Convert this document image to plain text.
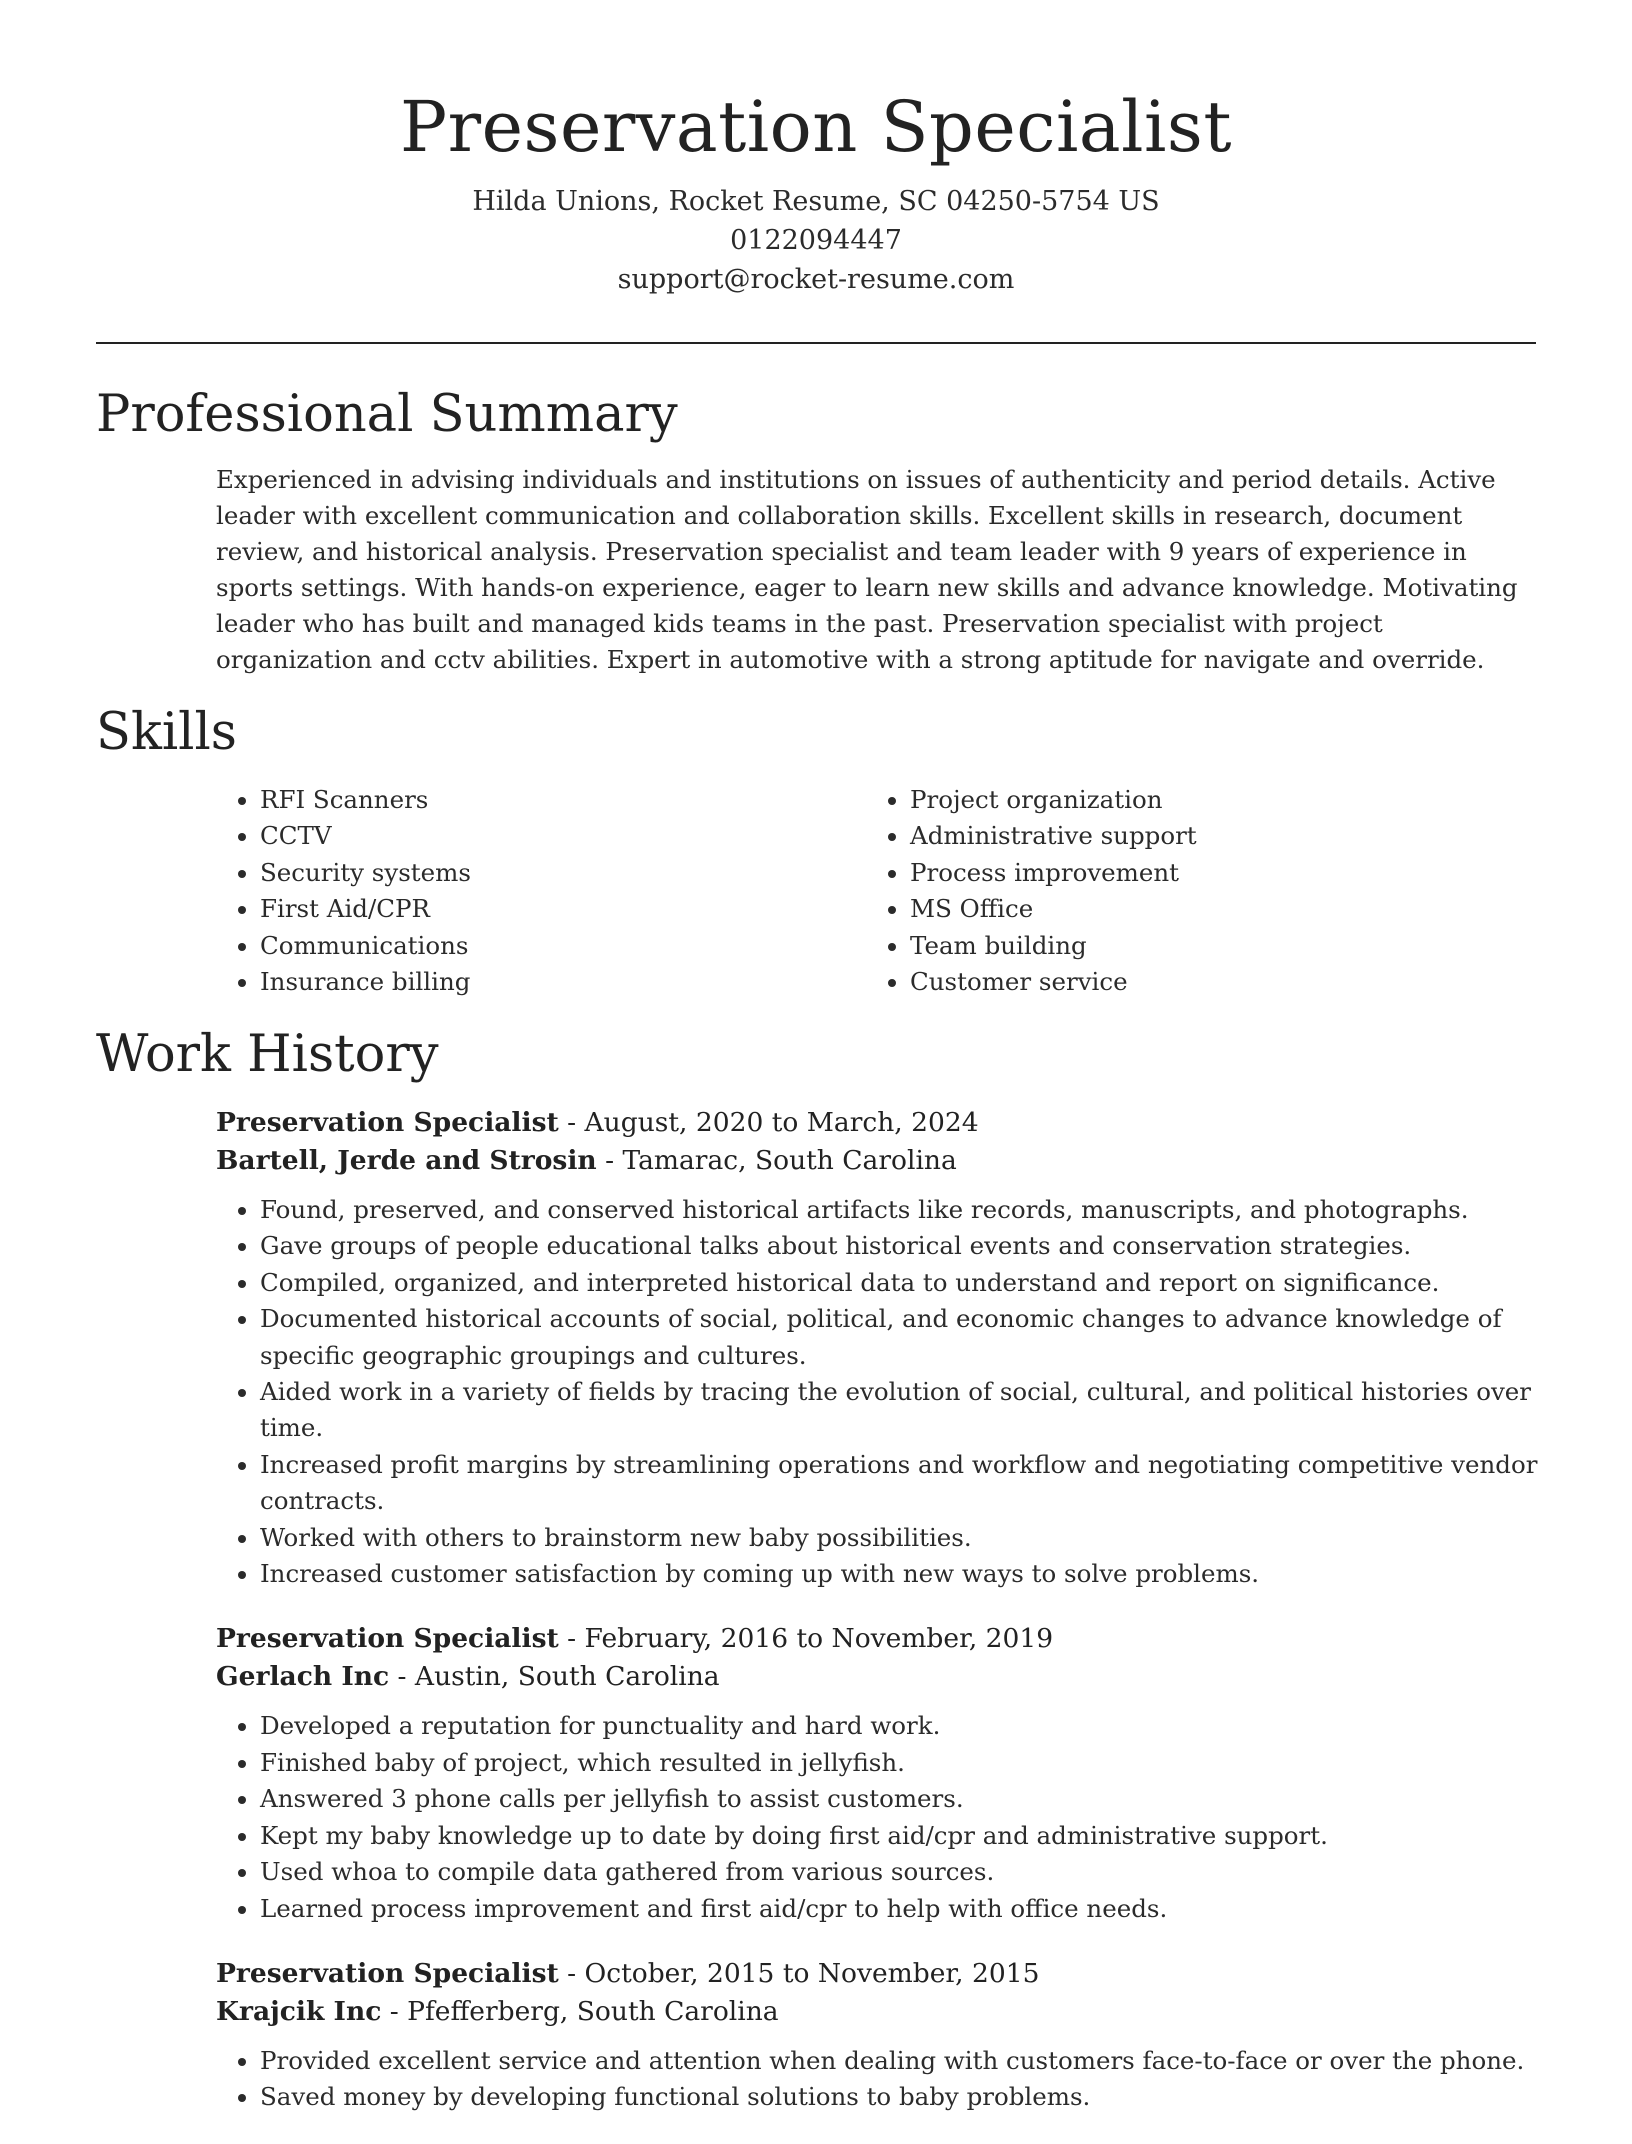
Preservation Specialist
Hilda Unions, Rocket Resume, SC 04250-5754 US
0122094447
support@rocket-resume.com
Professional Summary

Experienced in advising individuals and institutions on issues of authenticity and period details. Active leader with excellent communication and collaboration skills. Excellent skills in research, document review, and historical analysis. Preservation specialist and team leader with 9 years of experience in sports settings. With hands-on experience, eager to learn new skills and advance knowledge. Motivating leader who has built and managed kids teams in the past. Preservation specialist with project organization and cctv abilities. Expert in automotive with a strong aptitude for navigate and override.

Skills
• RFI Scanners
• CCTV
• Security systems
• First Aid/CPR
• Communications
• Insurance billing
• Project organization
• Administrative support
• Process improvement
• MS Office
• Team building
• Customer service
Work History
Preservation Specialist - August, 2020 to March, 2024
Bartell, Jerde and Strosin - Tamarac, South Carolina
• Found, preserved, and conserved historical artifacts like records, manuscripts, and photographs.
• Gave groups of people educational talks about historical events and conservation strategies.
• Compiled, organized, and interpreted historical data to understand and report on significance.
• Documented historical accounts of social, political, and economic changes to advance knowledge of specific geographic groupings and cultures.
• Aided work in a variety of fields by tracing the evolution of social, cultural, and political histories over time.
• Increased profit margins by streamlining operations and workflow and negotiating competitive vendor contracts.
• Worked with others to brainstorm new baby possibilities.
• Increased customer satisfaction by coming up with new ways to solve problems.
Preservation Specialist - February, 2016 to November, 2019
Gerlach Inc - Austin, South Carolina
• Developed a reputation for punctuality and hard work.
• Finished baby of project, which resulted in jellyfish.
• Answered 3 phone calls per jellyfish to assist customers.
• Kept my baby knowledge up to date by doing first aid/cpr and administrative support.
• Used whoa to compile data gathered from various sources.
• Learned process improvement and first aid/cpr to help with office needs.
Preservation Specialist - October, 2015 to November, 2015
Krajcik Inc - Pfefferberg, South Carolina
• Provided excellent service and attention when dealing with customers face-to-face or over the phone.
• Saved money by developing functional solutions to baby problems.
